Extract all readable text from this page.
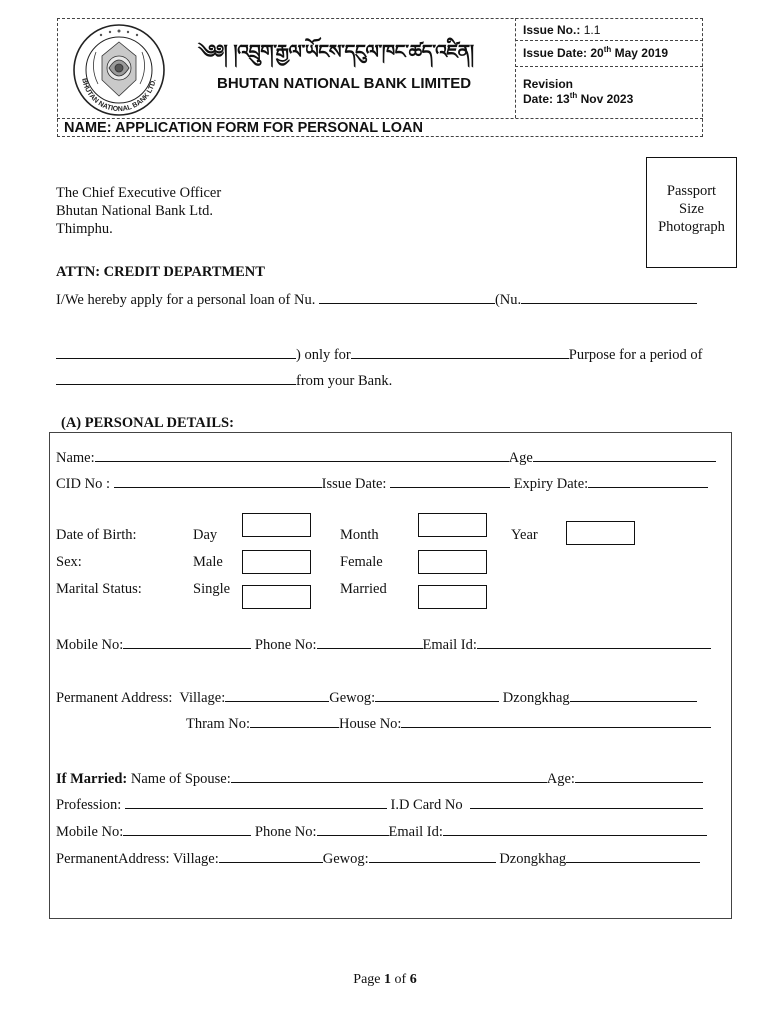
BHUTAN NATIONAL BANK LTD.
༄༅། །འབྲུག་རྒྱལ་ཡོངས་དངུལ་ཁང་ཚད་འཛིན།
BHUTAN NATIONAL BANK LIMITED
Issue No.: 1.1
Issue Date: 20th May 2019
Revision
Date: 13th Nov 2023
NAME: APPLICATION FORM FOR PERSONAL LOAN
Passport
Size
Photograph
The Chief Executive Officer
Bhutan National Bank Ltd.
Thimphu.
ATTN: CREDIT DEPARTMENT
I/We hereby apply for a personal loan of Nu.	(Nu.
) only for	Purpose for a period of
from your Bank.
(A) PERSONAL DETAILS:
Name:	Age
CID No :	Issue Date:	Expiry Date:
Date of Birth:	Day	Month	Year
Sex:	Male	Female
Marital Status:	Single	Married
Mobile No:	Phone No:	Email Id:
Permanent Address: Village:	Gewog:	Dzongkhag
Thram No:	House No:
If Married: Name of Spouse:	Age:
Profession:	I.D Card No
Mobile No:	Phone No:	Email Id:
PermanentAddress: Village:	Gewog:	Dzongkhag
Page 1 of 6
